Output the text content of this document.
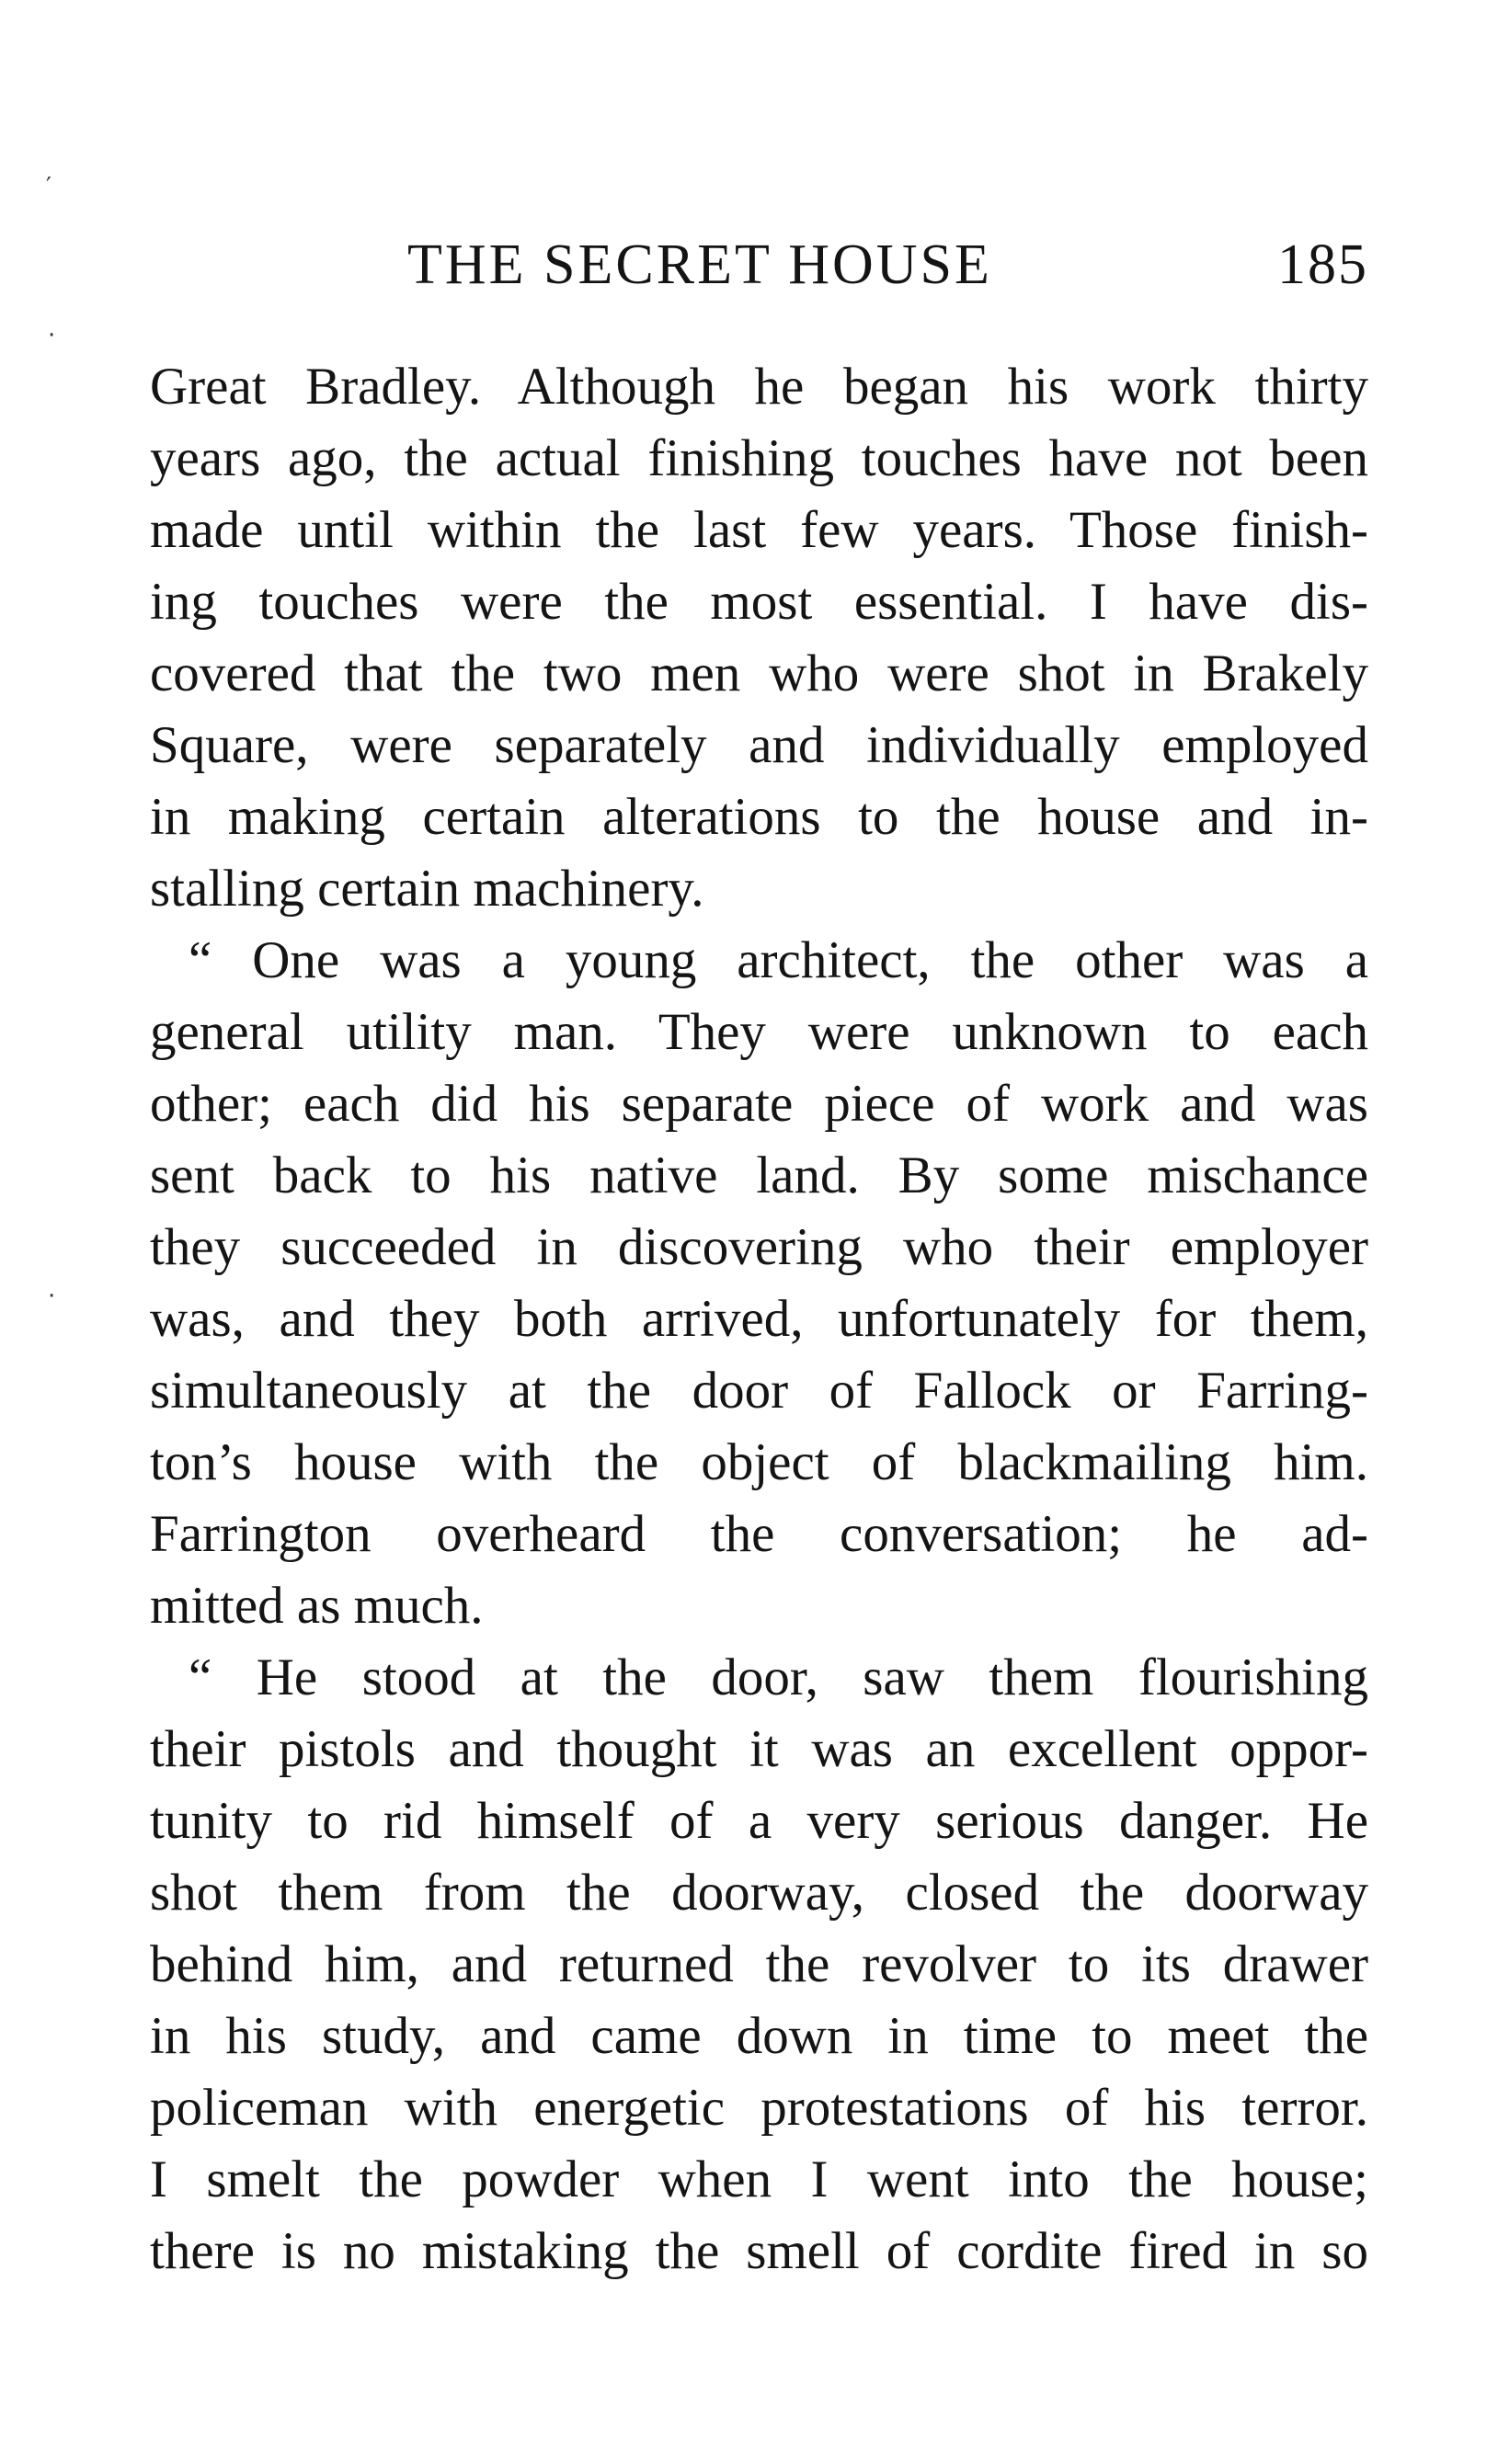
′
·
·
THE SECRET HOUSE	185
Great Bradley. Although he began his work thirty
years ago, the actual finishing touches have not been
made until within the last few years. Those finish-
ing touches were the most essential. I have dis-
covered that the two men who were shot in Brakely
Square, were separately and individually employed
in making certain alterations to the house and in-
stalling certain machinery.
“ One was a young architect, the other was a
general utility man. They were unknown to each
other; each did his separate piece of work and was
sent back to his native land. By some mischance
they succeeded in discovering who their employer
was, and they both arrived, unfortunately for them,
simultaneously at the door of Fallock or Farring-
ton’s house with the object of blackmailing him.
Farrington overheard the conversation; he ad-
mitted as much.
“ He stood at the door, saw them flourishing
their pistols and thought it was an excellent oppor-
tunity to rid himself of a very serious danger. He
shot them from the doorway, closed the doorway
behind him, and returned the revolver to its drawer
in his study, and came down in time to meet the
policeman with energetic protestations of his terror.
I smelt the powder when I went into the house;
there is no mistaking the smell of cordite fired in so
